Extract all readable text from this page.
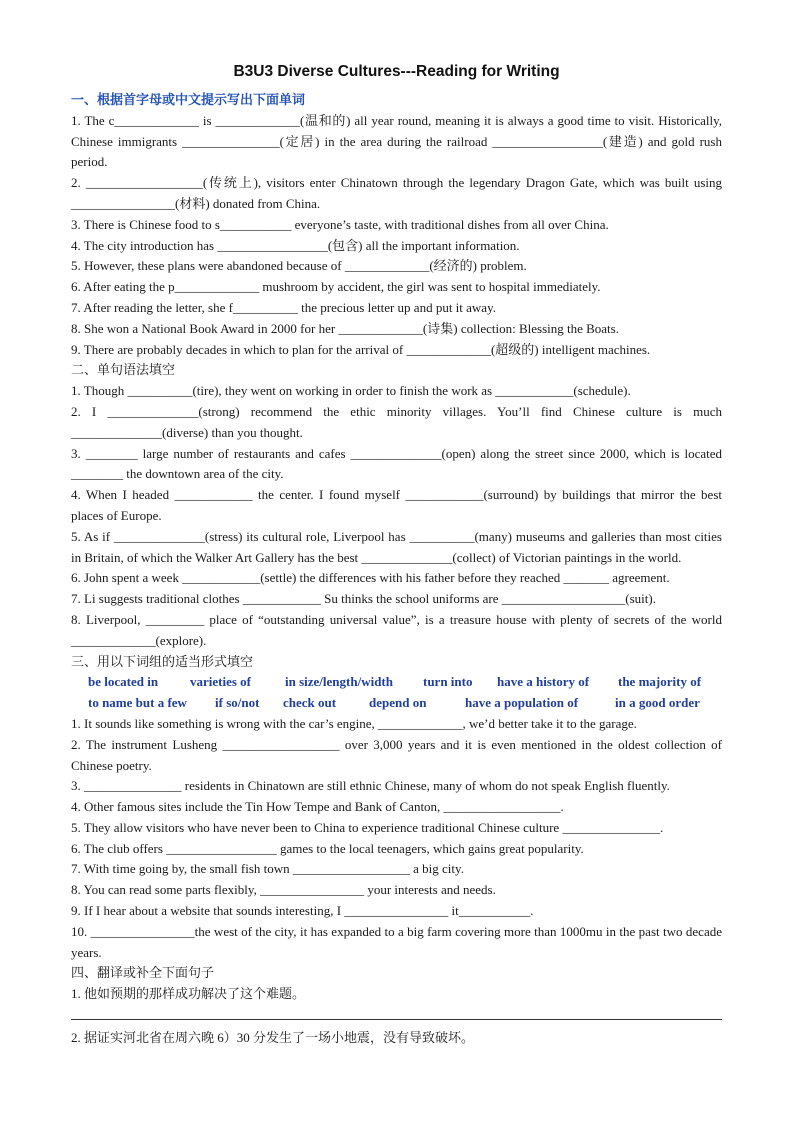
B3U3 Diverse Cultures---Reading for Writing
一、根据首字母或中文提示写出下面单词

1. The c_____________ is _____________(温和的) all year round, meaning it is always a good time to visit. Historically, Chinese immigrants _______________(定居) in the area during the railroad _________________(建造) and gold rush period.

2. __________________(传统上), visitors enter Chinatown through the legendary Dragon Gate, which was built using ________________(材料) donated from China.

3. There is Chinese food to s___________ everyone’s taste, with traditional dishes from all over China.

4. The city introduction has _________________(包含) all the important information.

5. However, these plans were abandoned because of _____________(经济的) problem.

6. After eating the p_____________ mushroom by accident, the girl was sent to hospital immediately.

7. After reading the letter, she f__________ the precious letter up and put it away.

8. She won a National Book Award in 2000 for her _____________(诗集) collection: Blessing the Boats.

9. There are probably decades in which to plan for the arrival of _____________(超级的) intelligent machines.

二、单句语法填空

1. Though __________(tire), they went on working in order to finish the work as ____________(schedule).

2. I ______________(strong) recommend the ethic minority villages. You’ll find Chinese culture is much ______________(diverse) than you thought.

3. ________ large number of restaurants and cafes ______________(open) along the street since 2000, which is located ________ the downtown area of the city.

4. When I headed ____________ the center. I found myself ____________(surround) by buildings that mirror the best places of Europe.

5. As if ______________(stress) its cultural role, Liverpool has __________(many) museums and galleries than most cities in Britain, of which the Walker Art Gallery has the best ______________(collect) of Victorian paintings in the world.

6. John spent a week ____________(settle) the differences with his father before they reached _______ agreement.

7. Li suggests traditional clothes ____________ Su thinks the school uniforms are ___________________(suit).

8. Liverpool, _________ place of “outstanding universal value”, is a treasure house with plenty of secrets of the world _____________(explore).

三、用以下词组的适当形式填空
be located in	varieties of	in size/length/width	turn into	have a history of	the majority of
to name but a few	if so/not	check out	depend on	have a population of	in a good order

1. It sounds like something is wrong with the car’s engine, _____________, we’d better take it to the garage.

2. The instrument Lusheng __________________ over 3,000 years and it is even mentioned in the oldest collection of Chinese poetry.

3. _______________ residents in Chinatown are still ethnic Chinese, many of whom do not speak English fluently.

4. Other famous sites include the Tin How Tempe and Bank of Canton, __________________.

5. They allow visitors who have never been to China to experience traditional Chinese culture _______________.

6. The club offers _________________ games to the local teenagers, which gains great popularity.

7. With time going by, the small fish town __________________ a big city.

8. You can read some parts flexibly, ________________ your interests and needs.

9. If I hear about a website that sounds interesting, I ________________ it___________.

10. ________________the west of the city, it has expanded to a big farm covering more than 1000mu in the past two decade years.

四、翻译或补全下面句子

1. 他如预期的那样成功解决了这个难题。

2. 据证实河北省在周六晚 6）30 分发生了一场小地震，没有导致破坏。
